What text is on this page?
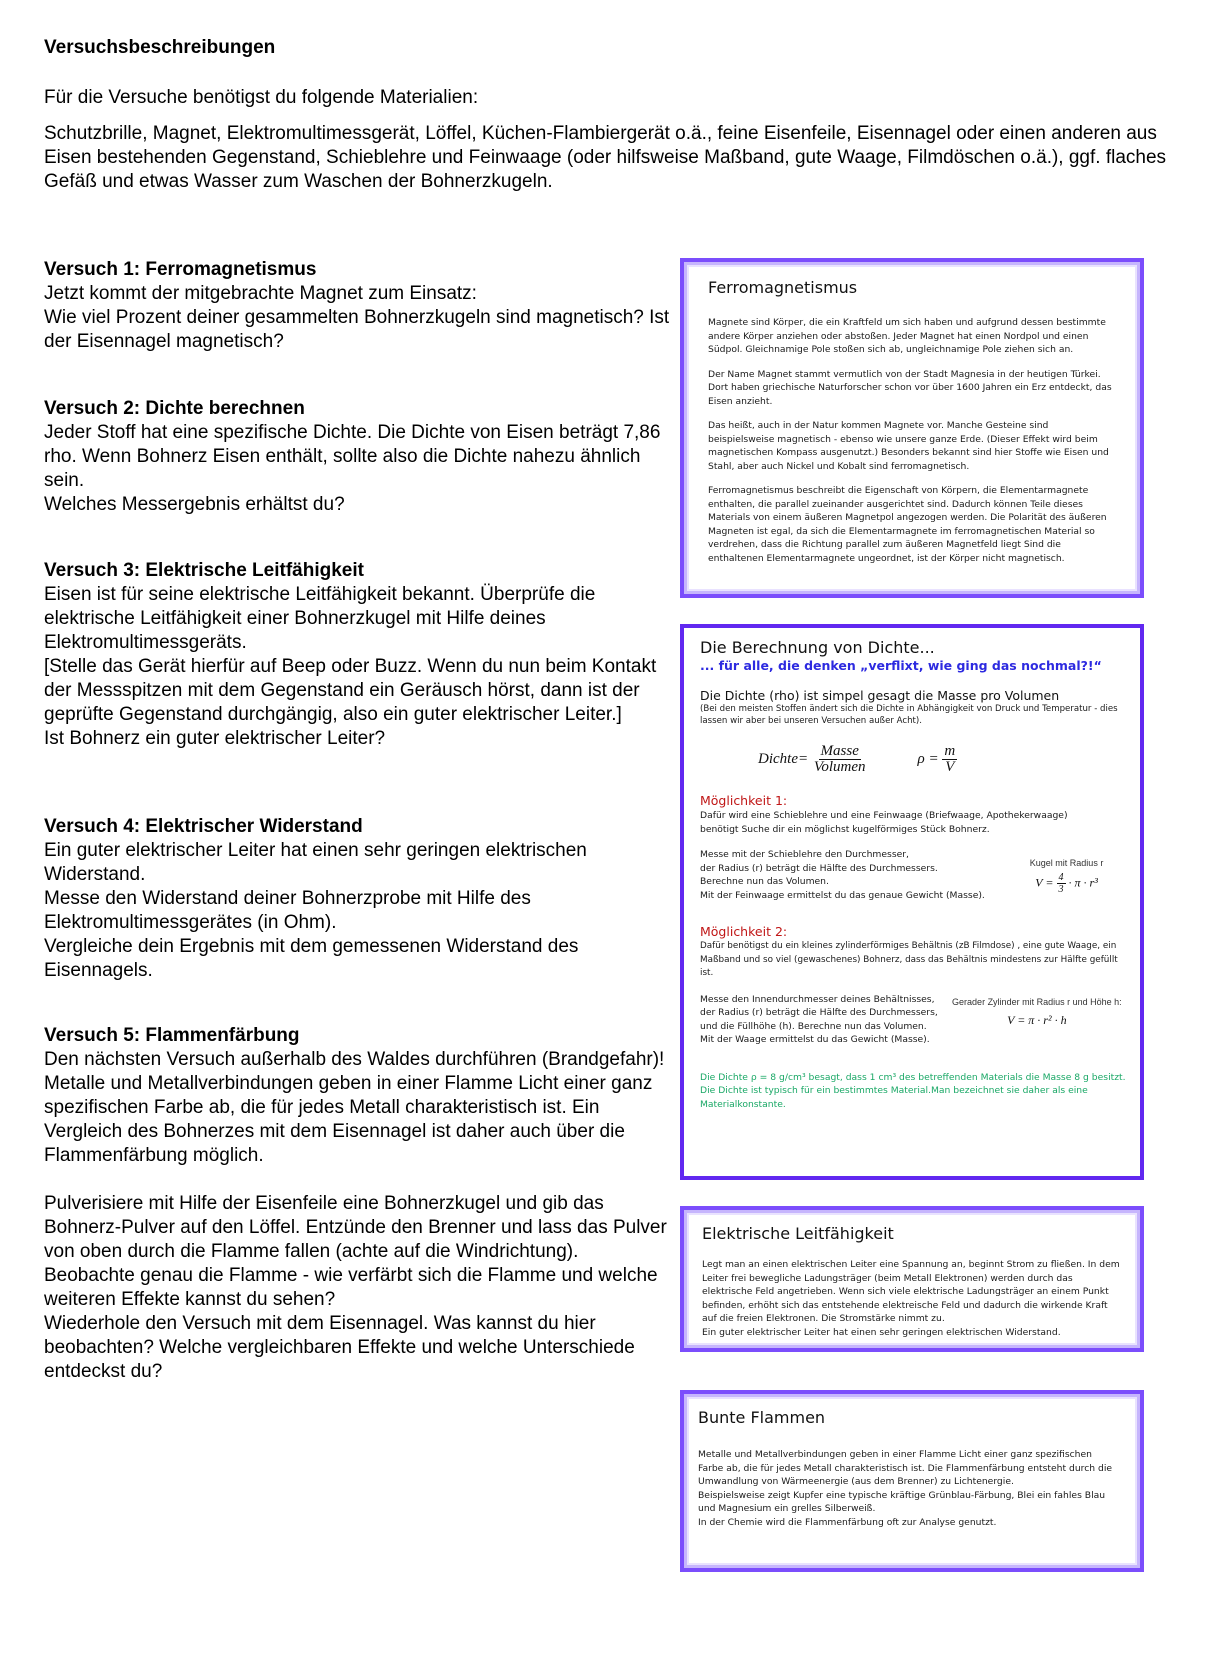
Versuchsbeschreibungen
Für die Versuche benötigst du folgende Materialien:
Schutzbrille, Magnet, Elektromultimessgerät, Löffel, Küchen-Flambiergerät o.ä., feine Eisenfeile, Eisennagel oder einen anderen aus Eisen bestehenden Gegenstand, Schieblehre und Feinwaage (oder hilfsweise Maßband, gute Waage, Filmdöschen o.ä.), ggf. flaches Gefäß und etwas Wasser zum Waschen der Bohnerzkugeln.
Versuch 1: Ferromagnetismus

Jetzt kommt der mitgebrachte Magnet zum Einsatz:

Wie viel Prozent deiner gesammelten Bohnerzkugeln sind magnetisch? Ist der Eisennagel magnetisch?

Versuch 2: Dichte berechnen

Jeder Stoff hat eine spezifische Dichte. Die Dichte von Eisen beträgt 7,86 rho. Wenn Bohnerz Eisen enthält, sollte also die Dichte nahezu ähnlich sein.

Welches Messergebnis erhältst du?

Versuch 3: Elektrische Leitfähigkeit

Eisen ist für seine elektrische Leitfähigkeit bekannt. Überprüfe die elektrische Leitfähigkeit einer Bohnerzkugel mit Hilfe deines Elektromultimessgeräts.

[Stelle das Gerät hierfür auf Beep oder Buzz. Wenn du nun beim Kontakt der Messspitzen mit dem Gegenstand ein Geräusch hörst, dann ist der geprüfte Gegenstand durchgängig, also ein guter elektrischer Leiter.]

Ist Bohnerz ein guter elektrischer Leiter?

Versuch 4: Elektrischer Widerstand

Ein guter elektrischer Leiter hat einen sehr geringen elektrischen Widerstand.

Messe den Widerstand deiner Bohnerzprobe mit Hilfe des Elektromultimessgerätes (in Ohm).

Vergleiche dein Ergebnis mit dem gemessenen Widerstand des Eisennagels.

Versuch 5: Flammenfärbung

Den nächsten Versuch außerhalb des Waldes durchführen (Brandgefahr)!

Metalle und Metallverbindungen geben in einer Flamme Licht einer ganz spezifischen Farbe ab, die für jedes Metall charakteristisch ist. Ein Vergleich des Bohnerzes mit dem Eisennagel ist daher auch über die Flammenfärbung möglich.

Pulverisiere mit Hilfe der Eisenfeile eine Bohnerzkugel und gib das Bohnerz-Pulver auf den Löffel. Entzünde den Brenner und lass das Pulver von oben durch die Flamme fallen (achte auf die Windrichtung).

Beobachte genau die Flamme - wie verfärbt sich die Flamme und welche weiteren Effekte kannst du sehen?

Wiederhole den Versuch mit dem Eisennagel. Was kannst du hier beobachten? Welche vergleichbaren Effekte und welche Unterschiede entdeckst du?

Ferromagnetismus

Magnete sind Körper, die ein Kraftfeld um sich haben und aufgrund dessen bestimmte andere Körper anziehen oder abstoßen. Jeder Magnet hat einen Nordpol und einen Südpol. Gleichnamige Pole stoßen sich ab, ungleichnamige Pole ziehen sich an.

Der Name Magnet stammt vermutlich von der Stadt Magnesia in der heutigen Türkei. Dort haben griechische Naturforscher schon vor über 1600 Jahren ein Erz entdeckt, das Eisen anzieht.

Das heißt, auch in der Natur kommen Magnete vor. Manche Gesteine sind beispielsweise magnetisch - ebenso wie unsere ganze Erde. (Dieser Effekt wird beim magnetischen Kompass ausgenutzt.) Besonders bekannt sind hier Stoffe wie Eisen und Stahl, aber auch Nickel und Kobalt sind ferromagnetisch.

Ferromagnetismus beschreibt die Eigenschaft von Körpern, die Elementarmagnete enthalten, die parallel zueinander ausgerichtet sind. Dadurch können Teile dieses Materials von einem äußeren Magnetpol angezogen werden. Die Polarität des äußeren Magneten ist egal, da sich die Elementarmagnete im ferromagnetischen Material so verdrehen, dass die Richtung parallel zum äußeren Magnetfeld liegt Sind die enthaltenen Elementarmagnete ungeordnet, ist der Körper nicht magnetisch.

Die Berechnung von Dichte...
... für alle, die denken „verflixt, wie ging das nochmal?!“
Die Dichte (rho) ist simpel gesagt die Masse pro Volumen
(Bei den meisten Stoffen ändert sich die Dichte in Abhängigkeit von Druck und Temperatur - dies lassen wir aber bei unseren Versuchen außer Acht).
Dichte= $\frac{\text{Masse}}{\text{Volumen}}$	$\rho = \frac{m}{V}$
Möglichkeit 1:
Dafür wird eine Schieblehre und eine Feinwaage (Briefwaage, Apothekerwaage) benötigt Suche dir ein möglichst kugelförmiges Stück Bohnerz.

Messe mit der Schieblehre den Durchmesser,

der Radius (r) beträgt die Hälfte des Durchmessers.

Berechne nun das Volumen.

Mit der Feinwaage ermittelst du das genaue Gewicht (Masse).

Kugel mit Radius r
$V = \frac{4}{3} \cdot \pi \cdot r^3$
Möglichkeit 2:
Dafür benötigst du ein kleines zylinderförmiges Behältnis (zB Filmdose) , eine gute Waage, ein Maßband und so viel (gewaschenes) Bohnerz, dass das Behältnis mindestens zur Hälfte gefüllt ist.

Messe den Innendurchmesser deines Behältnisses,

der Radius (r) beträgt die Hälfte des Durchmessers,

und die Füllhöhe (h). Berechne nun das Volumen.

Mit der Waage ermittelst du das Gewicht (Masse).

Gerader Zylinder mit Radius r und Höhe h:
V = π · r² · h

Die Dichte ρ = 8 g/cm³ besagt, dass 1 cm³ des betreffenden Materials die Masse 8 g besitzt.

Die Dichte ist typisch für ein bestimmtes Material.Man bezeichnet sie daher als eine Materialkonstante.

Elektrische Leitfähigkeit

Legt man an einen elektrischen Leiter eine Spannung an, beginnt Strom zu fließen. In dem Leiter frei bewegliche Ladungsträger (beim Metall Elektronen) werden durch das elektrische Feld angetrieben. Wenn sich viele elektrische Ladungsträger an einem Punkt befinden, erhöht sich das entstehende elektreische Feld und dadurch die wirkende Kraft auf die freien Elektronen. Die Stromstärke nimmt zu.

Ein guter elektrischer Leiter hat einen sehr geringen elektrischen Widerstand.

Bunte Flammen

Metalle und Metallverbindungen geben in einer Flamme Licht einer ganz spezifischen Farbe ab, die für jedes Metall charakteristisch ist. Die Flammenfärbung entsteht durch die Umwandlung von Wärmeenergie (aus dem Brenner) zu Lichtenergie.

Beispielsweise zeigt Kupfer eine typische kräftige Grünblau-Färbung, Blei ein fahles Blau und Magnesium ein grelles Silberweiß.

In der Chemie wird die Flammenfärbung oft zur Analyse genutzt.
